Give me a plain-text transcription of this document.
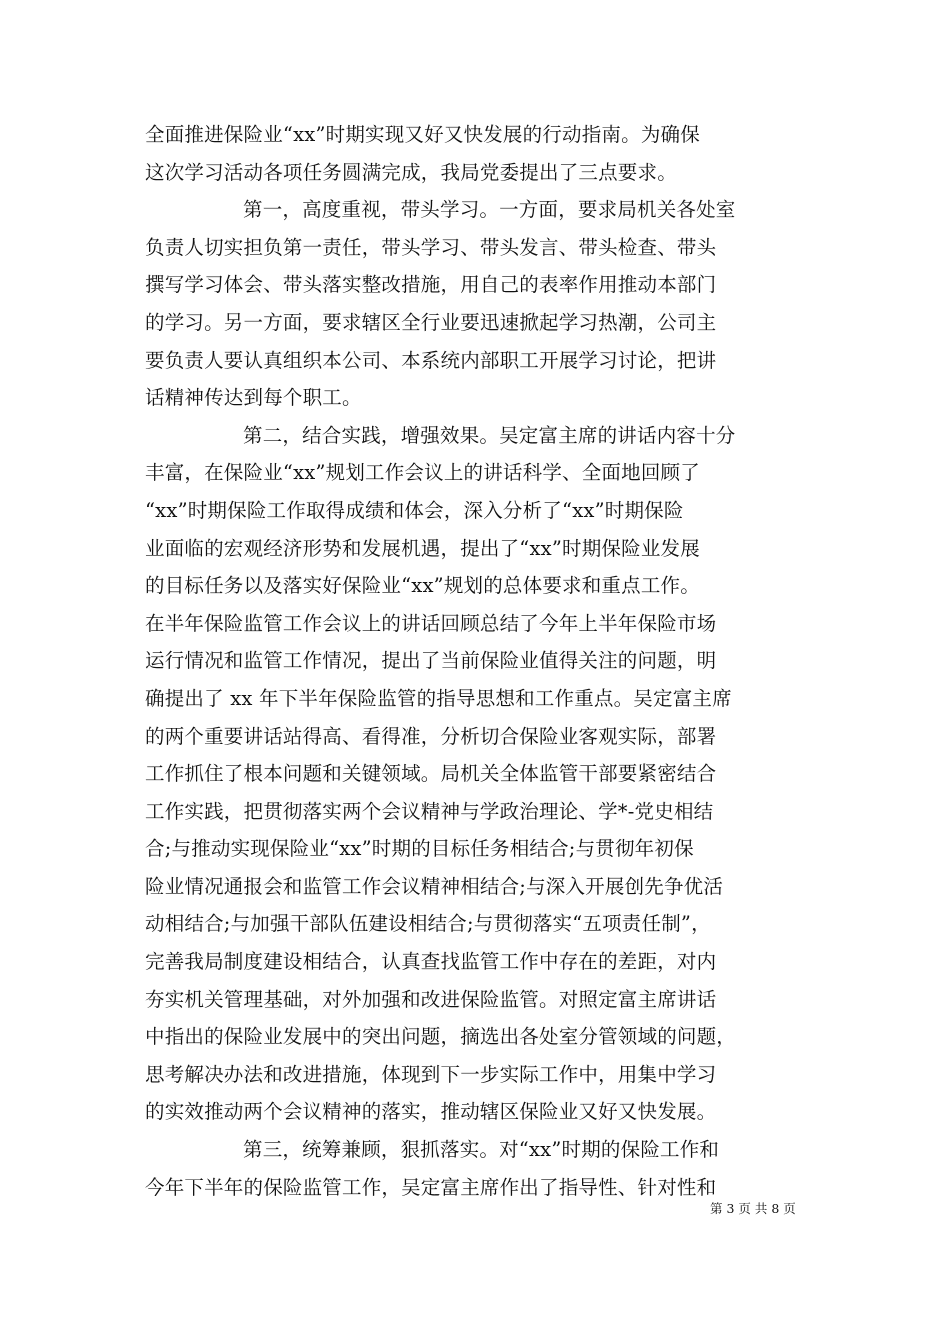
全面推进保险业“xx”时期实现又好又快发展的行动指南。为确保
这次学习活动各项任务圆满完成，我局党委提出了三点要求。
第一，高度重视，带头学习。一方面，要求局机关各处室
负责人切实担负第一责任，带头学习、带头发言、带头检查、带头
撰写学习体会、带头落实整改措施，用自己的表率作用推动本部门
的学习。另一方面，要求辖区全行业要迅速掀起学习热潮，公司主
要负责人要认真组织本公司、本系统内部职工开展学习讨论，把讲
话精神传达到每个职工。
第二，结合实践，增强效果。吴定富主席的讲话内容十分
丰富，在保险业“xx”规划工作会议上的讲话科学、全面地回顾了
“xx”时期保险工作取得成绩和体会，深入分析了“xx”时期保险
业面临的宏观经济形势和发展机遇，提出了“xx”时期保险业发展
的目标任务以及落实好保险业“xx”规划的总体要求和重点工作。
在半年保险监管工作会议上的讲话回顾总结了今年上半年保险市场
运行情况和监管工作情况，提出了当前保险业值得关注的问题，明
确提出了 xx 年下半年保险监管的指导思想和工作重点。吴定富主席
的两个重要讲话站得高、看得准，分析切合保险业客观实际，部署
工作抓住了根本问题和关键领域。局机关全体监管干部要紧密结合
工作实践，把贯彻落实两个会议精神与学政治理论、学*-党史相结
合;与推动实现保险业“xx”时期的目标任务相结合;与贯彻年初保
险业情况通报会和监管工作会议精神相结合;与深入开展创先争优活
动相结合;与加强干部队伍建设相结合;与贯彻落实“五项责任制”，
完善我局制度建设相结合，认真查找监管工作中存在的差距，对内
夯实机关管理基础，对外加强和改进保险监管。对照定富主席讲话
中指出的保险业发展中的突出问题，摘选出各处室分管领域的问题，
思考解决办法和改进措施，体现到下一步实际工作中，用集中学习
的实效推动两个会议精神的落实，推动辖区保险业又好又快发展。
第三，统筹兼顾，狠抓落实。对“xx”时期的保险工作和
今年下半年的保险监管工作，吴定富主席作出了指导性、针对性和
第 3 页 共 8 页
